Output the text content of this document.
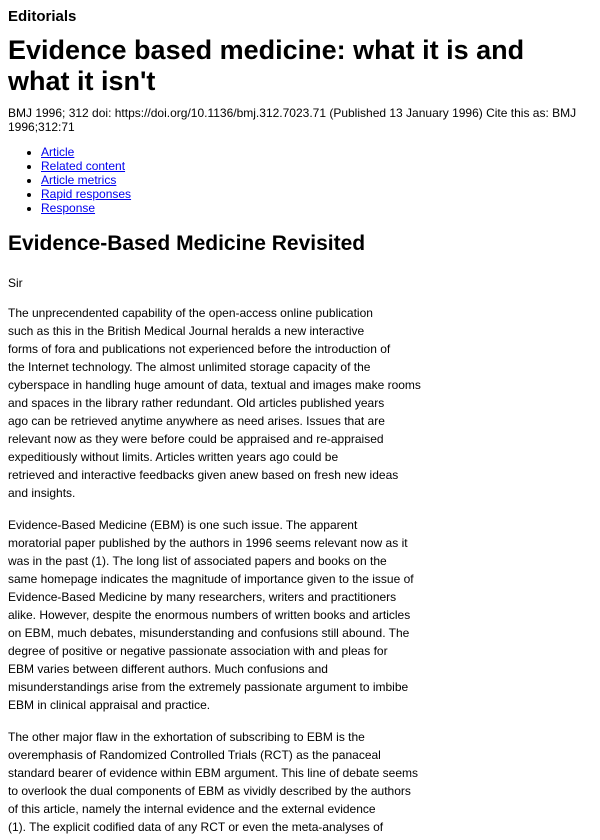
Editorials
Evidence based medicine: what it is and what it isn't

BMJ 1996; 312 doi: https://doi.org/10.1136/bmj.312.7023.71 (Published 13 January 1996) Cite this as: BMJ 1996;312:71

• Article
• Related content
• Article metrics
• Rapid responses
• Response
Evidence-Based Medicine Revisited

Sir

The unprecendented capability of the open-access online publication
such as this in the British Medical Journal heralds a new interactive
forms of fora and publications not experienced before the introduction of
the Internet technology. The almost unlimited storage capacity of the
cyberspace in handling huge amount of data, textual and images make rooms
and spaces in the library rather redundant. Old articles published years
ago can be retrieved anytime anywhere as need arises. Issues that are
relevant now as they were before could be appraised and re-appraised
expeditiously without limits. Articles written years ago could be
retrieved and interactive feedbacks given anew based on fresh new ideas
and insights.
Evidence-Based Medicine (EBM) is one such issue. The apparent
moratorial paper published by the authors in 1996 seems relevant now as it
was in the past (1). The long list of associated papers and books on the
same homepage indicates the magnitude of importance given to the issue of
Evidence-Based Medicine by many researchers, writers and practitioners
alike. However, despite the enormous numbers of written books and articles
on EBM, much debates, misunderstanding and confusions still abound. The
degree of positive or negative passionate association with and pleas for
EBM varies between different authors. Much confusions and
misunderstandings arise from the extremely passionate argument to imbibe
EBM in clinical appraisal and practice.
The other major flaw in the exhortation of subscribing to EBM is the
overemphasis of Randomized Controlled Trials (RCT) as the panaceal
standard bearer of evidence within EBM argument. This line of debate seems
to overlook the dual components of EBM as vividly described by the authors
of this article, namely the internal evidence and the external evidence
(1). The explicit codified data of any RCT or even the meta-analyses of
